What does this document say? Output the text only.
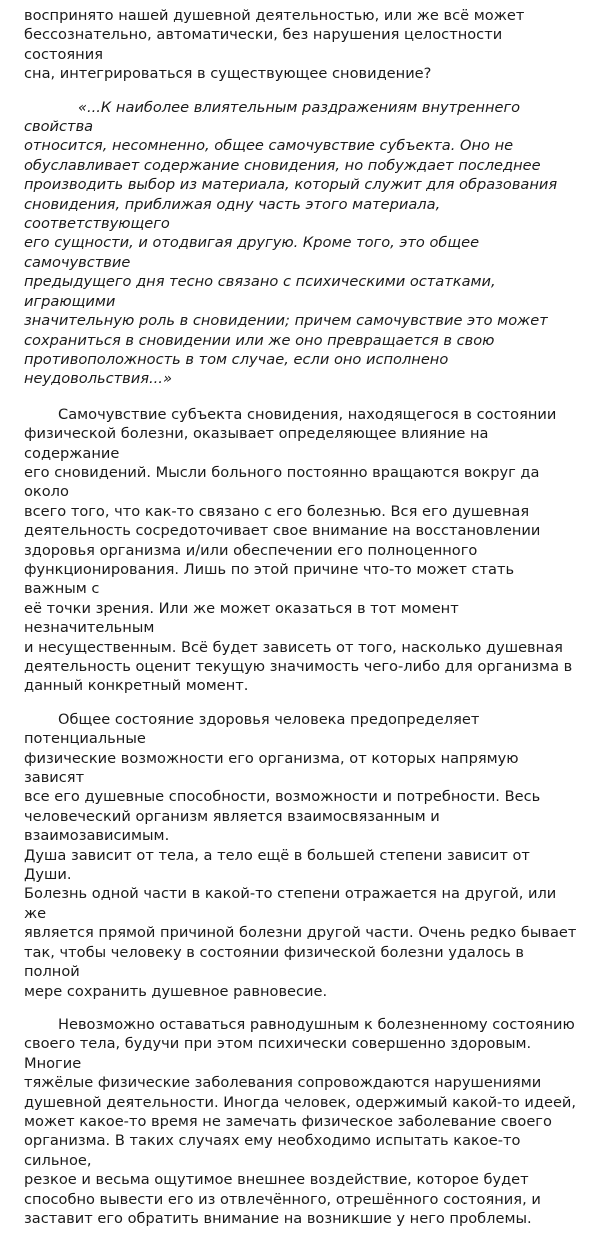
воспринято нашей душевной деятельностью, или же всё может
бессознательно, автоматически, без нарушения целостности состояния
сна, интегрироваться в существующее сновидение?

«...К наиболее влиятельным раздражениям внутреннего свойства
относится, несомненно, общее самочувствие субъекта. Оно не
обуславливает содержание сновидения, но побуждает последнее
производить выбор из материала, который служит для образования
сновидения, приближая одну часть этого материала, соответствующего
его сущности, и отодвигая другую. Кроме того, это общее самочувствие
предыдущего дня тесно связано с психическими остатками, играющими
значительную роль в сновидении; причем самочувствие это может
сохраниться в сновидении или же оно превращается в свою
противоположность в том случае, если оно исполнено
неудовольствия...»

Самочувствие субъекта сновидения, находящегося в состоянии
физической болезни, оказывает определяющее влияние на содержание
его сновидений. Мысли больного постоянно вращаются вокруг да около
всего того, что как-то связано с его болезнью. Вся его душевная
деятельность сосредоточивает свое внимание на восстановлении
здоровья организма и/или обеспечении его полноценного
функционирования. Лишь по этой причине что-то может стать важным с
её точки зрения. Или же может оказаться в тот момент незначительным
и несущественным. Всё будет зависеть от того, насколько душевная
деятельность оценит текущую значимость чего-либо для организма в
данный конкретный момент.

Общее состояние здоровья человека предопределяет потенциальные
физические возможности его организма, от которых напрямую зависят
все его душевные способности, возможности и потребности. Весь
человеческий организм является взаимосвязанным и взаимозависимым.
Душа зависит от тела, а тело ещё в большей степени зависит от Души.
Болезнь одной части в какой-то степени отражается на другой, или же
является прямой причиной болезни другой части. Очень редко бывает
так, чтобы человеку в состоянии физической болезни удалось в полной
мере сохранить душевное равновесие.

Невозможно оставаться равнодушным к болезненному состоянию
своего тела, будучи при этом психически совершенно здоровым. Многие
тяжёлые физические заболевания сопровождаются нарушениями
душевной деятельности. Иногда человек, одержимый какой-то идеей,
может какое-то время не замечать физическое заболевание своего
организма. В таких случаях ему необходимо испытать какое-то сильное,
резкое и весьма ощутимое внешнее воздействие, которое будет
способно вывести его из отвлечённого, отрешённого состояния, и
заставит его обратить внимание на возникшие у него проблемы.
